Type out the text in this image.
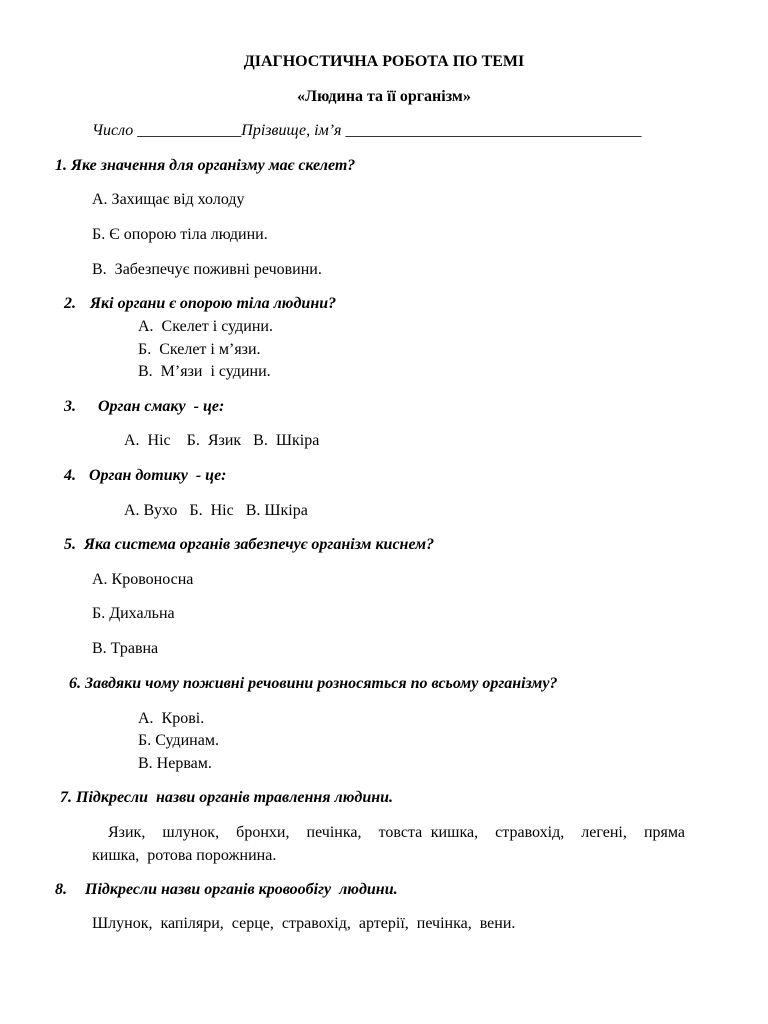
ДІАГНОСТИЧНА РОБОТА ПО ТЕМІ
«Людина та її організм»
Число _____________Прізвище, ім’я _____________________________________
1. Яке значення для організму має скелет?
А. Захищає від холоду
Б. Є опорою тіла людини.
В.  Забезпечує поживні речовини.
2. Які органи є опорою тіла людини?
А.  Скелет і судини.
Б.  Скелет і м’язи.
В.  М’язи  і судини.
3. Орган смаку  - це:
А.  Ніс    Б.  Язик   В.  Шкіра
4. Орган дотику  - це:
А. Вухо   Б.  Ніс   В. Шкіра
5.  Яка система органів забезпечує організм киснем?
А. Кровоносна
Б. Дихальна
В. Травна
6. Завдяки чому поживні речовини розносяться по всьому організму?
А.  Крові.
Б. Судинам.
В. Нервам.
7. Підкресли  назви органів травлення людини.
Язик,  шлунок,  бронхи,  печінка,  товста кишка,  стравохід,  легені,  пряма
кишка,  ротова порожнина.
8. Підкресли назви органів кровообігу  людини.
Шлунок,  капіляри,  серце,  стравохід,  артерії,  печінка,  вени.
